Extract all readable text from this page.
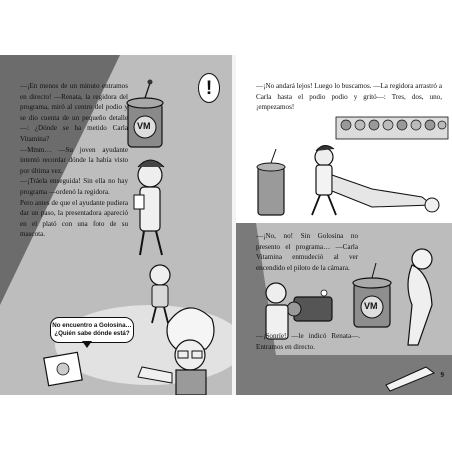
VM

—¡En menos de un minuto entramos en directo! —Renata, la regidora del programa, miró al centro del podio y se dio cuenta de un pequeño detalle—: ¿Dónde se ha metido Carla Vitamina?

—Mmm… —Su joven ayudante intentó recordar dónde la había visto por última vez.

—¡Tráela enseguida! Sin ella no hay programa —ordenó la regidora.

Pero antes de que el ayudante pudiera dar un paso, la presentadora apareció en el plató con una foto de su mascota.

!
No encuentro a Golosina…
¿Quién sabe dónde está?
VM

—¡No andará lejos! Luego lo buscamos. —La regidora arrastró a Carla hasta el podio podio y gritó—: Tres, dos, uno, ¡empezamos!

—¡No, no! Sin Golosina no presento el programa… —Carla Vitamina enmudeció al ver encendido el piloto de la cámara.

—¡Sonríe! —le indicó Renata—. Entramos en directo.

9
